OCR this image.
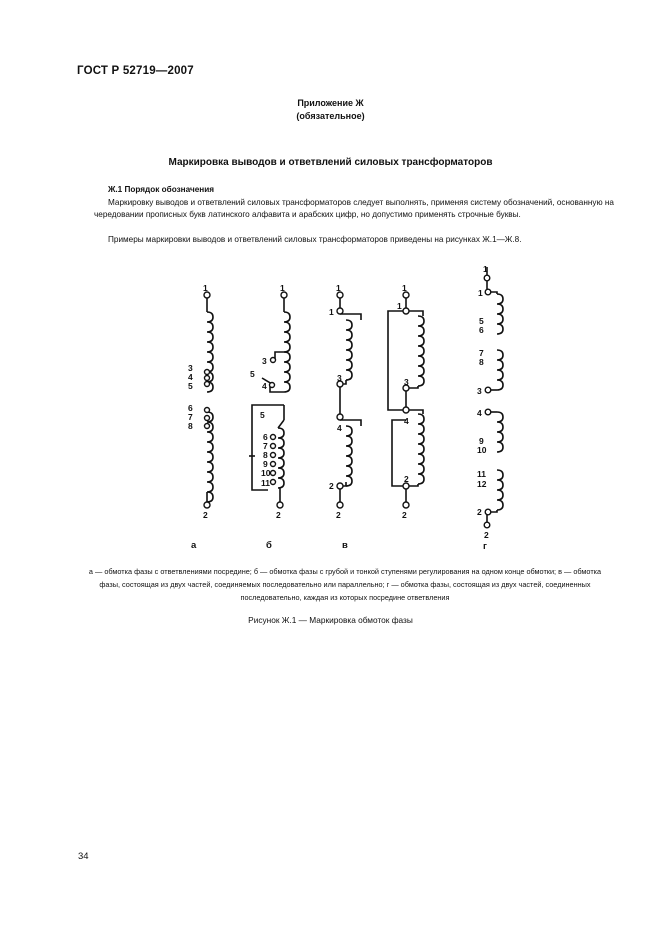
ГОСТ Р 52719—2007
Приложение Ж
(обязательное)
Маркировка выводов и ответвлений силовых трансформаторов
Ж.1 Порядок обозначения
Маркировку выводов и ответвлений силовых трансформаторов следует выполнять, применяя систему обозначений, основанную на чередовании прописных букв латинского алфавита и арабских цифр, но допустимо применять строчные буквы.
Примеры маркировки выводов и ответвлений силовых трансформаторов приведены на рисунках Ж.1—Ж.8.
1
3
4
5
6
7
8
2
а
1
3
5
4
5
6
7
8
9
10
11
2
б
1
1
3
4
2
2
в
1
1
3
4
2
2
1
1
5
6
7
8
3
4
9
10
11
12
2
2
г
а — обмотка фазы с ответвлениями посредине; б — обмотка фазы с грубой и тонкой ступенями регулирования на одном конце обмотки; в — обмотка фазы, состоящая из двух частей, соединяемых последовательно или параллельно; г — обмотка фазы, состоящая из двух частей, соединенных последовательно, каждая из которых посредине ответвления
Рисунок Ж.1 — Маркировка обмоток фазы
34
